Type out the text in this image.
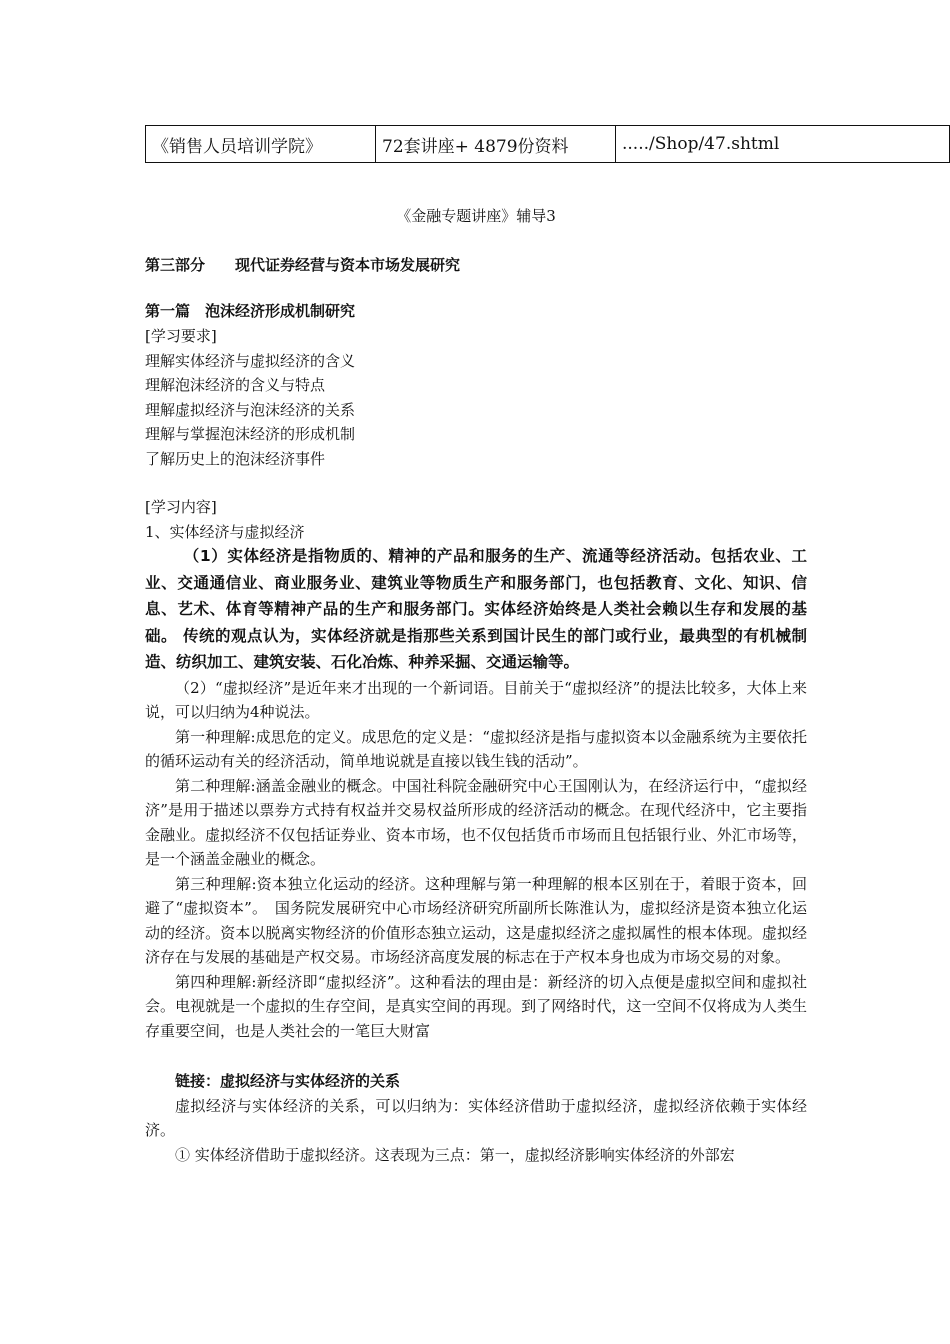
《销售人员培训学院》	72套讲座+ 4879份资料	...../Shop/47.shtml

《金融专题讲座》辅导3

第三部分　　现代证券经营与资本市场发展研究

第一篇　泡沫经济形成机制研究

[学习要求]

理解实体经济与虚拟经济的含义

理解泡沫经济的含义与特点

理解虚拟经济与泡沫经济的关系

理解与掌握泡沫经济的形成机制

了解历史上的泡沫经济事件

[学习内容]

1、实体经济与虚拟经济

（1）实体经济是指物质的、精神的产品和服务的生产、流通等经济活动。包括农业、工业、交通通信业、商业服务业、建筑业等物质生产和服务部门，也包括教育、文化、知识、信息、艺术、体育等精神产品的生产和服务部门。实体经济始终是人类社会赖以生存和发展的基础。 传统的观点认为，实体经济就是指那些关系到国计民生的部门或行业，最典型的有机械制造、纺织加工、建筑安装、石化冶炼、种养采掘、交通运输等。

（2）“虚拟经济”是近年来才出现的一个新词语。目前关于“虚拟经济”的提法比较多，大体上来说，可以归纳为4种说法。

第一种理解:成思危的定义。成思危的定义是：“虚拟经济是指与虚拟资本以金融系统为主要依托的循环运动有关的经济活动，简单地说就是直接以钱生钱的活动”。

第二种理解:涵盖金融业的概念。中国社科院金融研究中心王国刚认为，在经济运行中，“虚拟经济”是用于描述以票券方式持有权益并交易权益所形成的经济活动的概念。在现代经济中，它主要指金融业。虚拟经济不仅包括证券业、资本市场，也不仅包括货币市场而且包括银行业、外汇市场等，是一个涵盖金融业的概念。

第三种理解:资本独立化运动的经济。这种理解与第一种理解的根本区别在于，着眼于资本，回避了“虚拟资本”。　国务院发展研究中心市场经济研究所副所长陈淮认为，虚拟经济是资本独立化运动的经济。资本以脱离实物经济的价值形态独立运动，这是虚拟经济之虚拟属性的根本体现。虚拟经济存在与发展的基础是产权交易。市场经济高度发展的标志在于产权本身也成为市场交易的对象。

第四种理解:新经济即“虚拟经济”。这种看法的理由是：新经济的切入点便是虚拟空间和虚拟社会。电视就是一个虚拟的生存空间，是真实空间的再现。到了网络时代，这一空间不仅将成为人类生存重要空间，也是人类社会的一笔巨大财富

链接：虚拟经济与实体经济的关系

虚拟经济与实体经济的关系，可以归纳为：实体经济借助于虚拟经济，虚拟经济依赖于实体经济。

① 实体经济借助于虚拟经济。这表现为三点：第一，虚拟经济影响实体经济的外部宏
